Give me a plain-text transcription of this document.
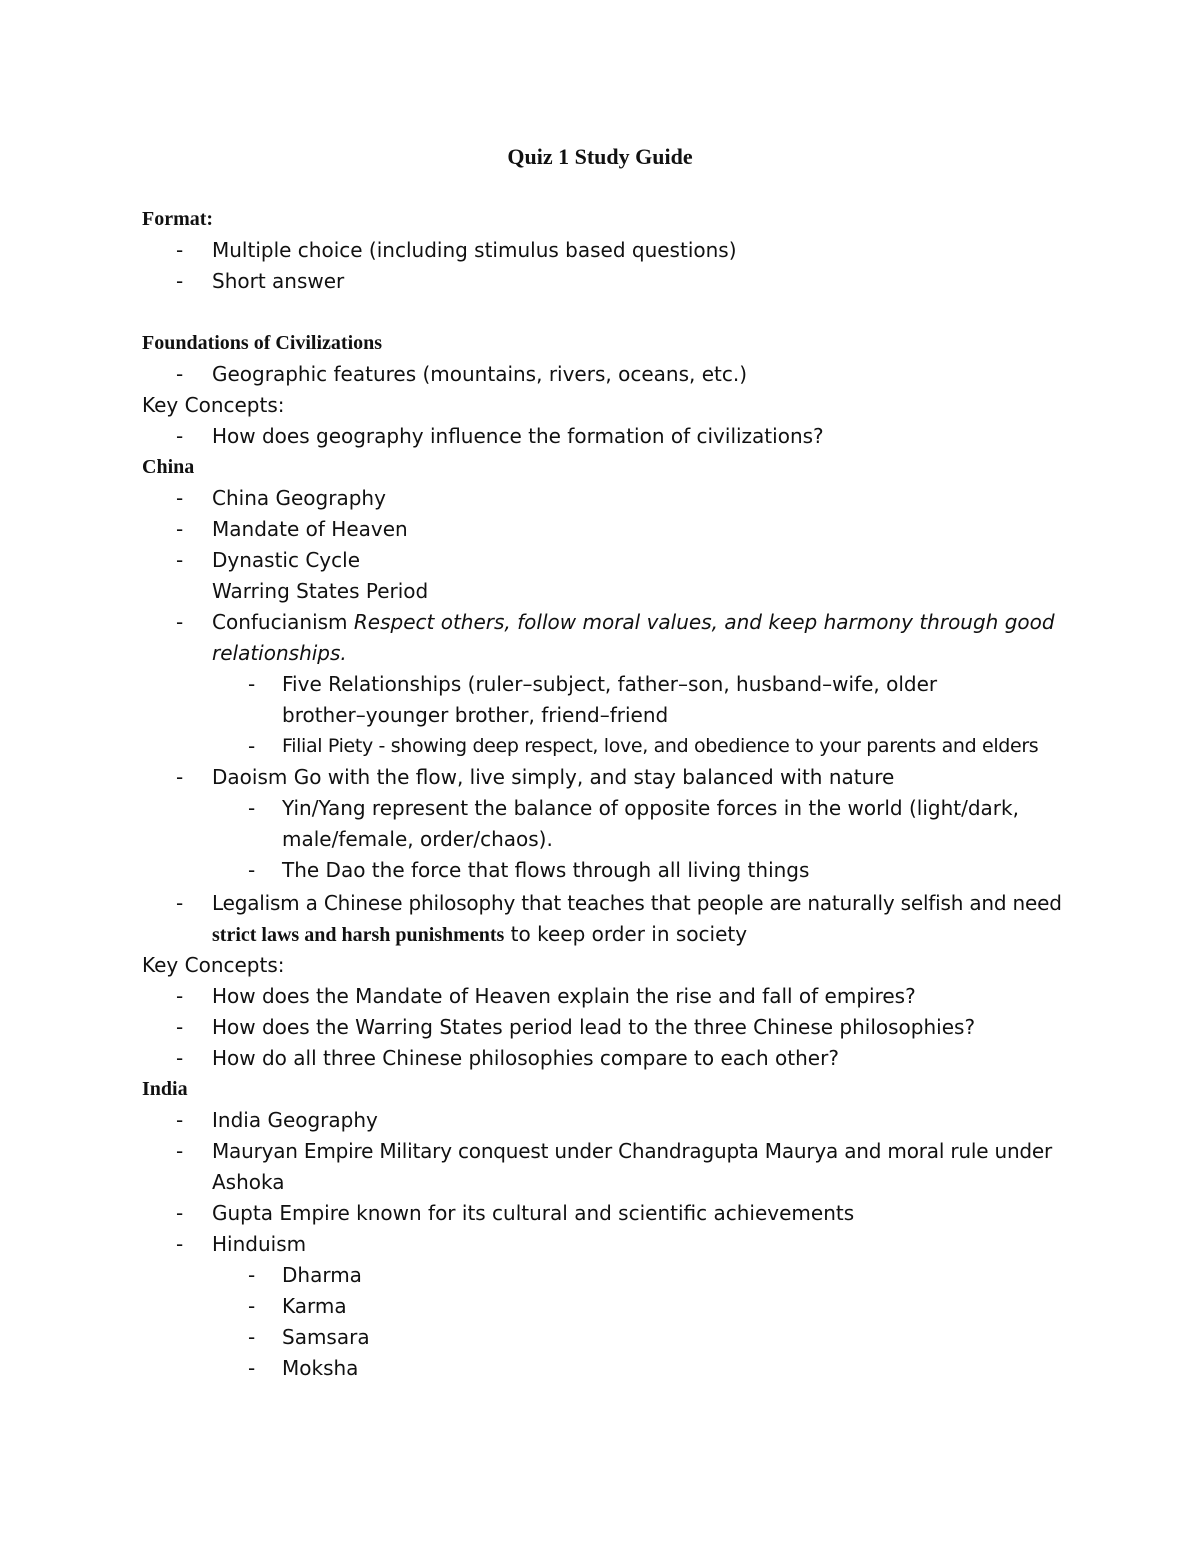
Quiz 1 Study Guide
Format:
- Multiple choice (including stimulus based questions)
- Short answer
Foundations of Civilizations
- Geographic features (mountains, rivers, oceans, etc.)
Key Concepts:
- How does geography influence the formation of civilizations?
China
- China Geography
- Mandate of Heaven
- Dynastic Cycle
Warring States Period
- Confucianism Respect others, follow moral values, and keep harmony through good
relationships.
- Five Relationships (ruler–subject, father–son, husband–wife, older
brother–younger brother, friend–friend
- Filial Piety - showing deep respect, love, and obedience to your parents and elders
- Daoism Go with the flow, live simply, and stay balanced with nature
- Yin/Yang represent the balance of opposite forces in the world (light/dark,
male/female, order/chaos).
- The Dao the force that flows through all living things
- Legalism a Chinese philosophy that teaches that people are naturally selfish and need
strict laws and harsh punishments to keep order in society
Key Concepts:
- How does the Mandate of Heaven explain the rise and fall of empires?
- How does the Warring States period lead to the three Chinese philosophies?
- How do all three Chinese philosophies compare to each other?
India
- India Geography
- Mauryan Empire Military conquest under Chandragupta Maurya and moral rule under
Ashoka
- Gupta Empire known for its cultural and scientific achievements
- Hinduism
- Dharma
- Karma
- Samsara
- Moksha
